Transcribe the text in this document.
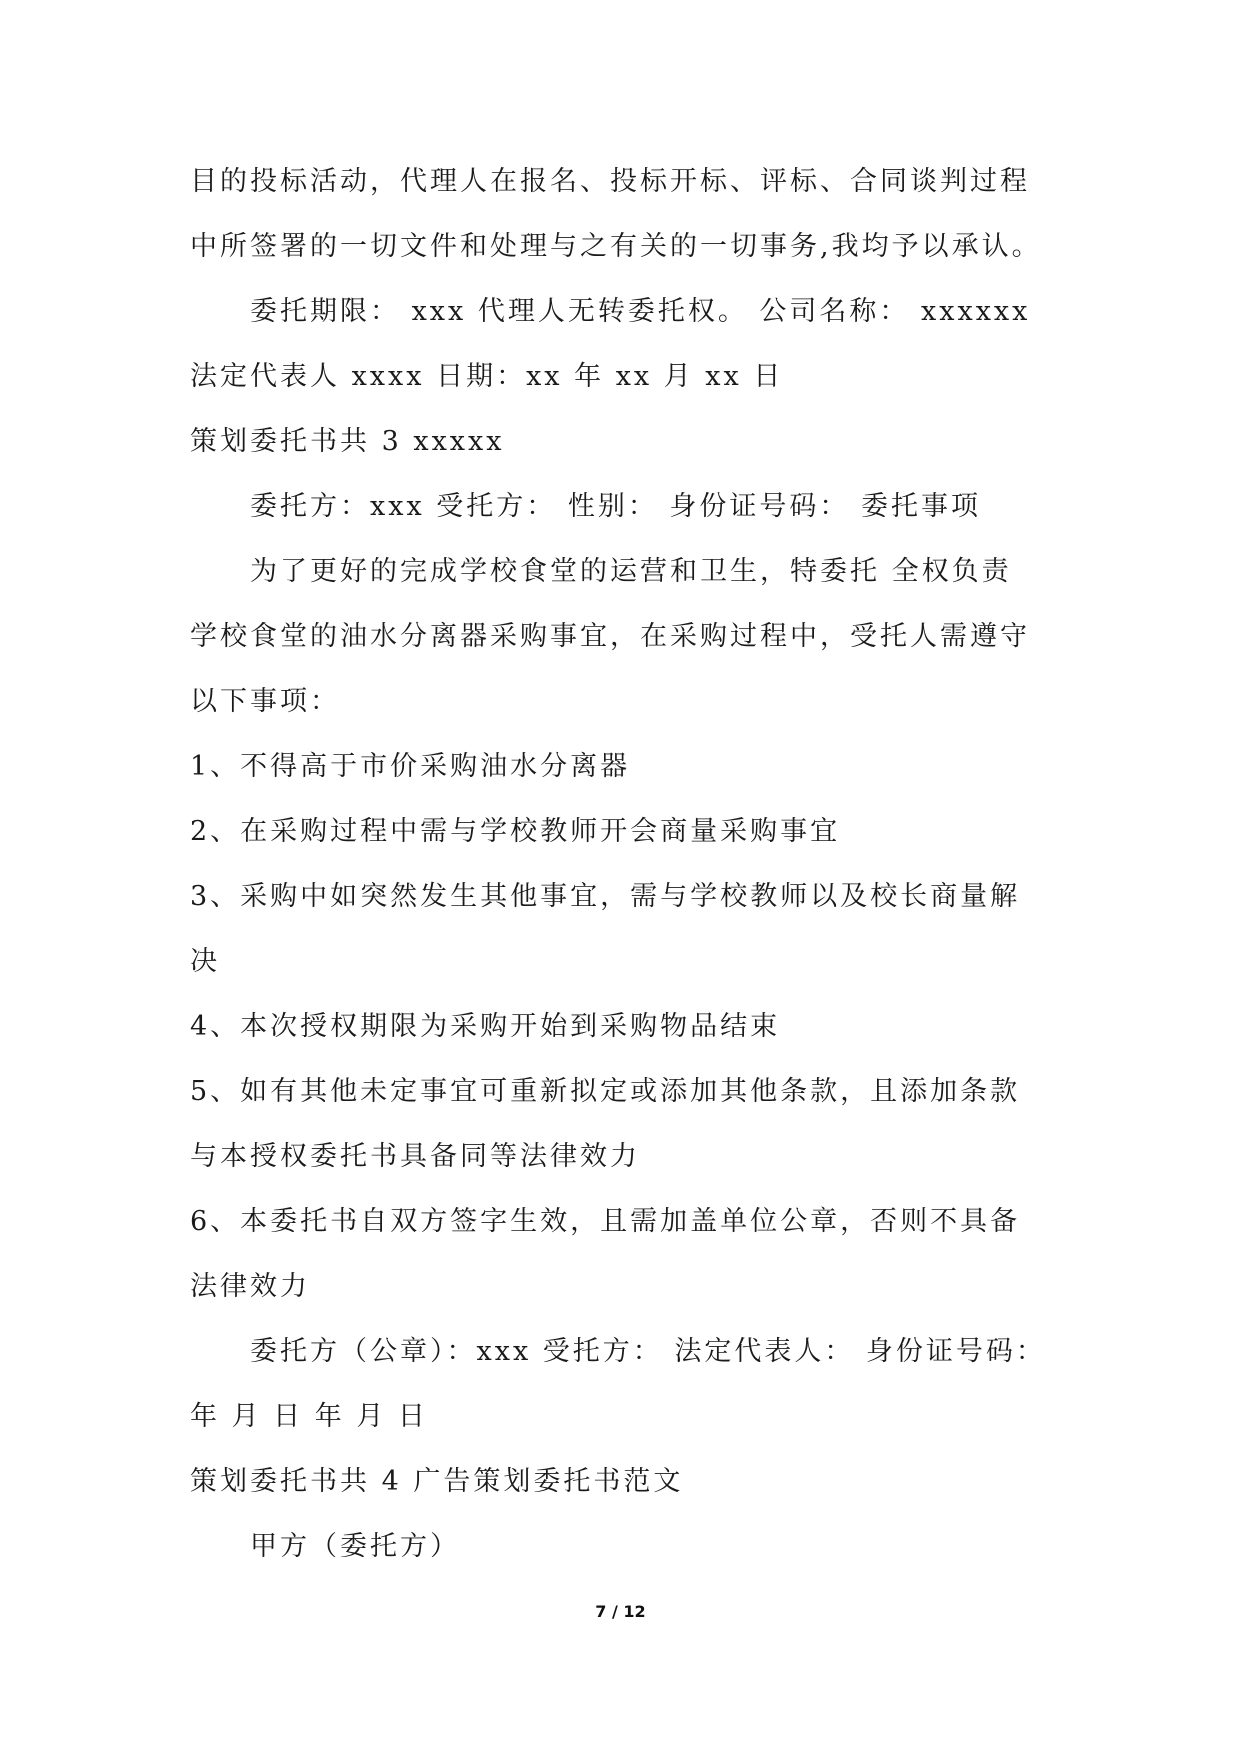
目的投标活动，代理人在报名、投标开标、评标、合同谈判过程
中所签署的一切文件和处理与之有关的一切事务,我均予以承认。
委托期限： xxx 代理人无转委托权。 公司名称： xxxxxx
法定代表人 xxxx 日期：xx 年 xx 月 xx 日
策划委托书共 3 xxxxx
委托方：xxx 受托方： 性别： 身份证号码： 委托事项
为了更好的完成学校食堂的运营和卫生，特委托 全权负责
学校食堂的油水分离器采购事宜，在采购过程中，受托人需遵守
以下事项：
1、不得高于市价采购油水分离器
2、在采购过程中需与学校教师开会商量采购事宜
3、采购中如突然发生其他事宜，需与学校教师以及校长商量解
决
4、本次授权期限为采购开始到采购物品结束
5、如有其他未定事宜可重新拟定或添加其他条款，且添加条款
与本授权委托书具备同等法律效力
6、本委托书自双方签字生效，且需加盖单位公章，否则不具备
法律效力
委托方（公章）：xxx 受托方： 法定代表人： 身份证号码：
年 月 日 年 月 日
策划委托书共 4 广告策划委托书范文
甲方（委托方）
7 / 12
